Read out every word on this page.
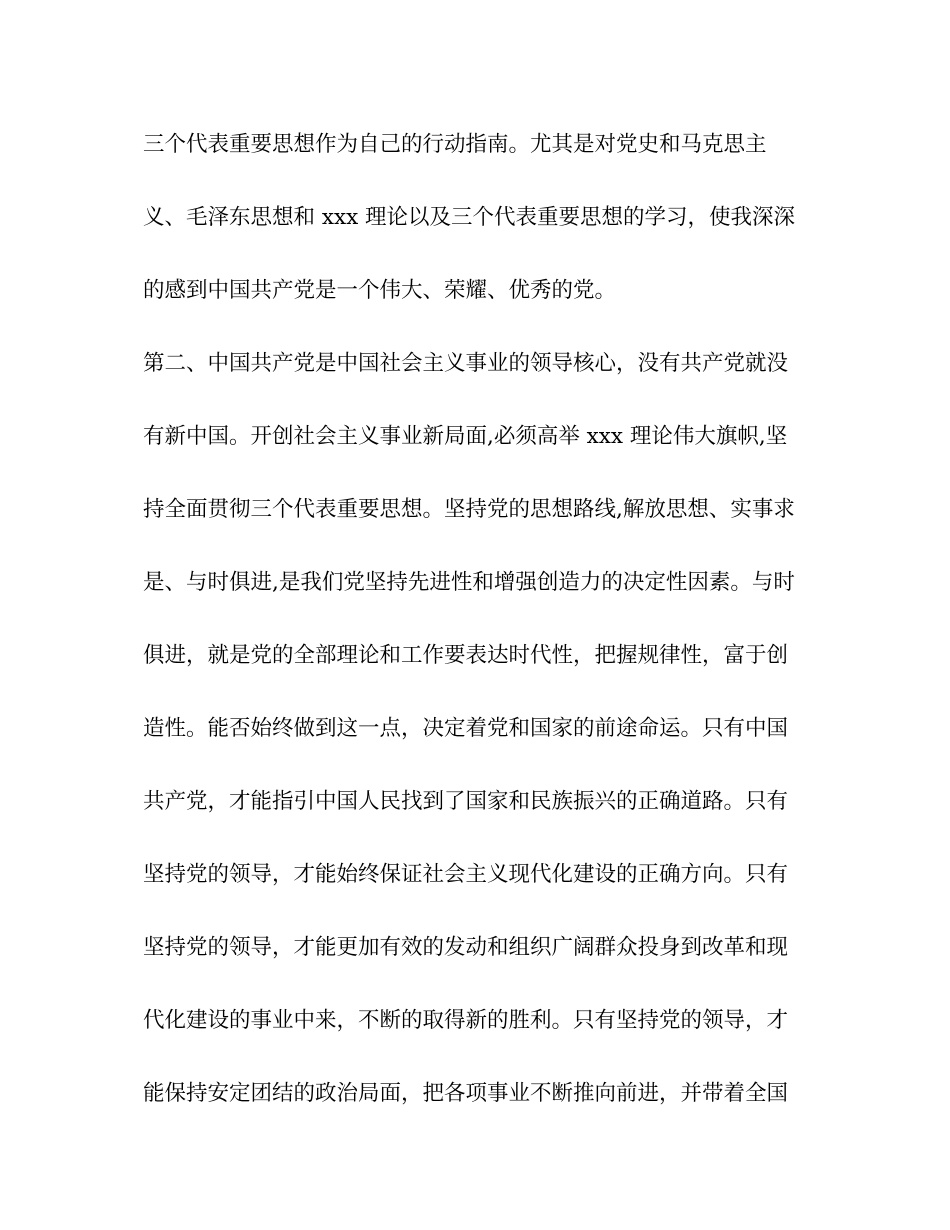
三个代表重要思想作为自己的行动指南。尤其是对党史和马克思主
义、毛泽东思想和 xxx 理论以及三个代表重要思想的学习，使我深深
的感到中国共产党是一个伟大、荣耀、优秀的党。
第二、中国共产党是中国社会主义事业的领导核心，没有共产党就没
有新中国。开创社会主义事业新局面,必须高举 xxx 理论伟大旗帜,坚
持全面贯彻三个代表重要思想。坚持党的思想路线,解放思想、实事求
是、与时俱进,是我们党坚持先进性和增强创造力的决定性因素。与时
俱进，就是党的全部理论和工作要表达时代性，把握规律性，富于创
造性。能否始终做到这一点，决定着党和国家的前途命运。只有中国
共产党，才能指引中国人民找到了国家和民族振兴的正确道路。只有
坚持党的领导，才能始终保证社会主义现代化建设的正确方向。只有
坚持党的领导，才能更加有效的发动和组织广阔群众投身到改革和现
代化建设的事业中来，不断的取得新的胜利。只有坚持党的领导，才
能保持安定团结的政治局面，把各项事业不断推向前进，并带着全国
